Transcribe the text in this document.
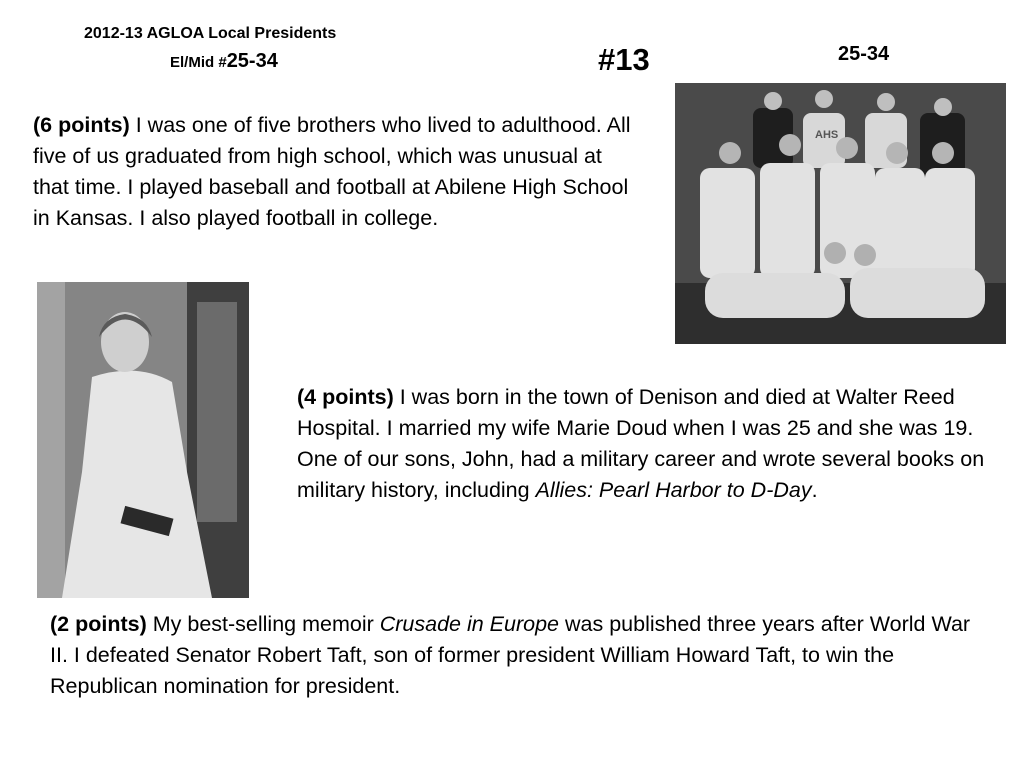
2012-13 AGLOA Local Presidents
El/Mid #25-34	#13	25-34
(6 points) I was one of five brothers who lived to adulthood. All five of us graduated from high school, which was unusual at that time. I played baseball and football at Abilene High School in Kansas. I also played football in college.
AHS
(4 points) I was born in the town of Denison and died at Walter Reed Hospital. I married my wife Marie Doud when I was 25 and she was 19. One of our sons, John, had a military career and wrote several books on military history, including Allies: Pearl Harbor to D-Day.
(2 points) My best-selling memoir Crusade in Europe was published three years after World War II. I defeated Senator Robert Taft, son of former president William Howard Taft, to win the Republican nomination for president.
